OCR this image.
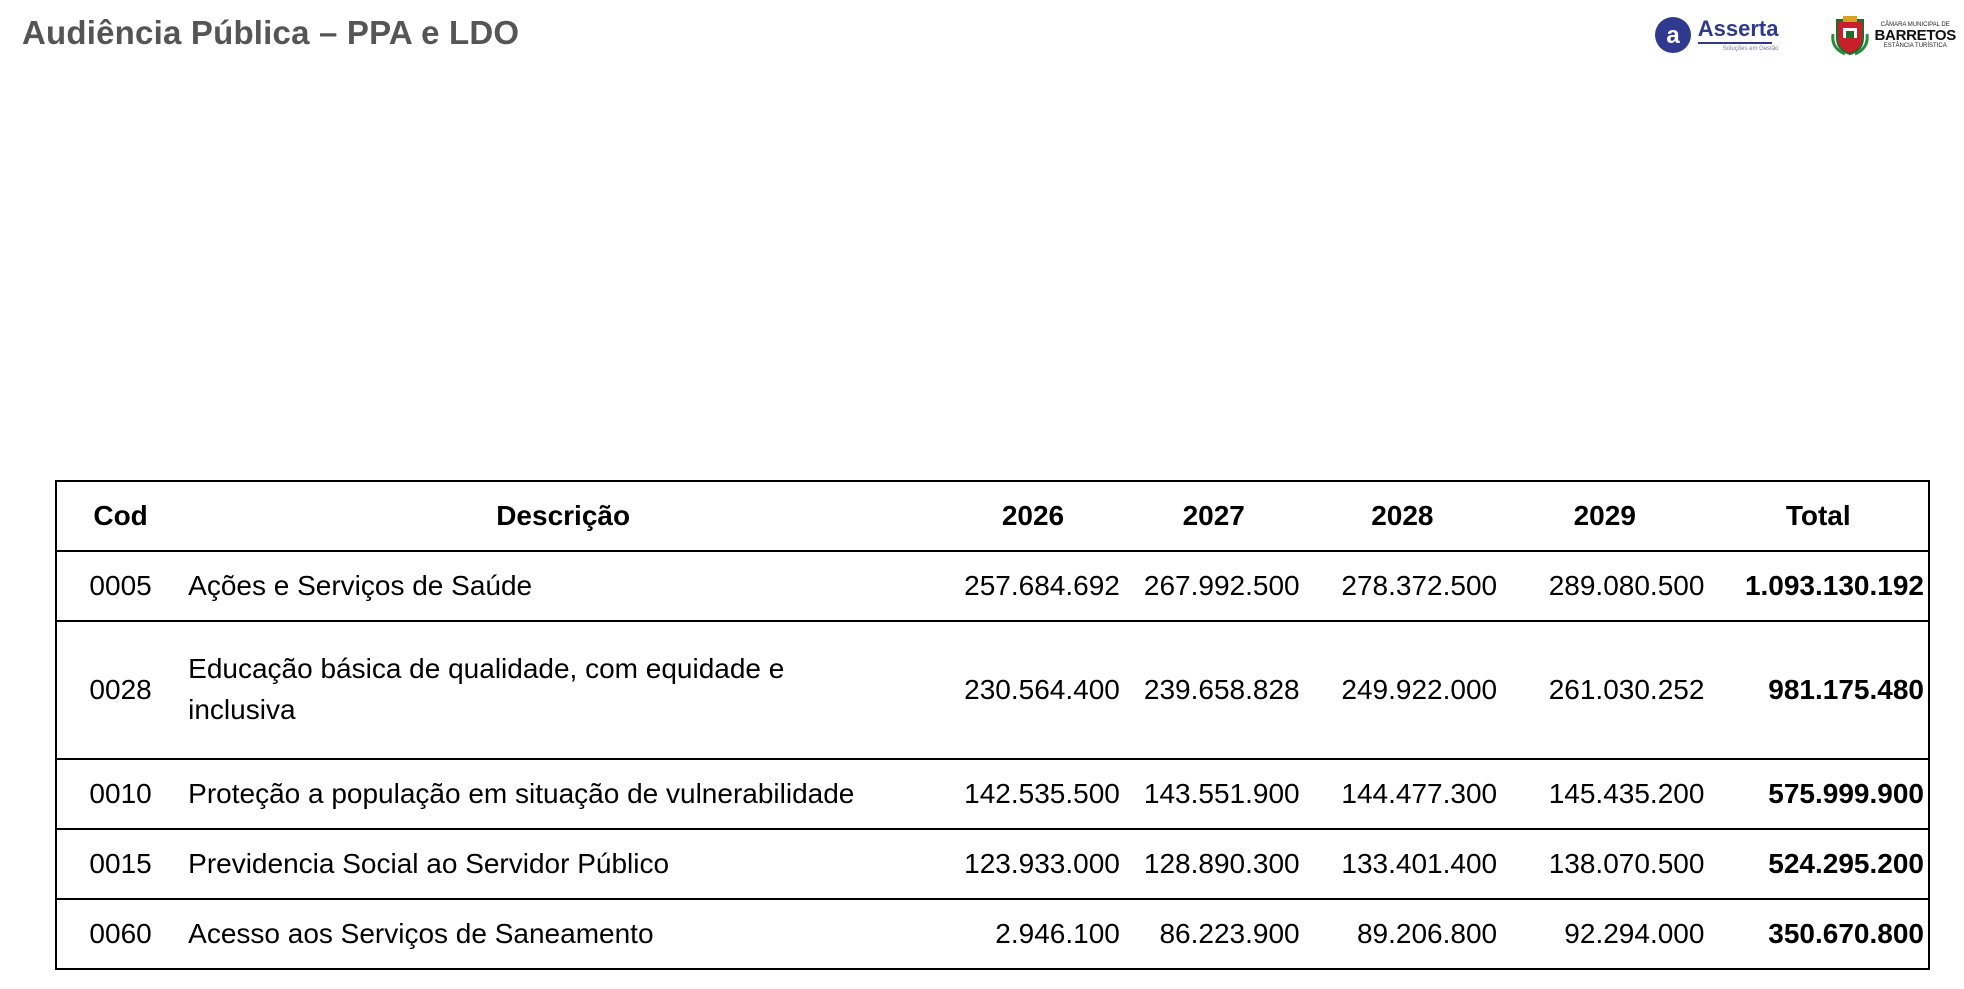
Audiência Pública – PPA e LDO	a Asserta
Soluções em Gestão
CÂMARA MUNICIPAL DE
BARRETOS
ESTÂNCIA TURÍSTICA
Cod	Descrição	2026	2027	2028	2029	Total
0005	Ações e Serviços de Saúde	257.684.692	267.992.500	278.372.500	289.080.500	1.093.130.192
0028	Educação básica de qualidade, com equidade e inclusiva	230.564.400	239.658.828	249.922.000	261.030.252	981.175.480
0010	Proteção a população em situação de vulnerabilidade	142.535.500	143.551.900	144.477.300	145.435.200	575.999.900
0015	Previdencia Social ao Servidor Público	123.933.000	128.890.300	133.401.400	138.070.500	524.295.200
0060	Acesso aos Serviços de Saneamento	2.946.100	86.223.900	89.206.800	92.294.000	350.670.800
